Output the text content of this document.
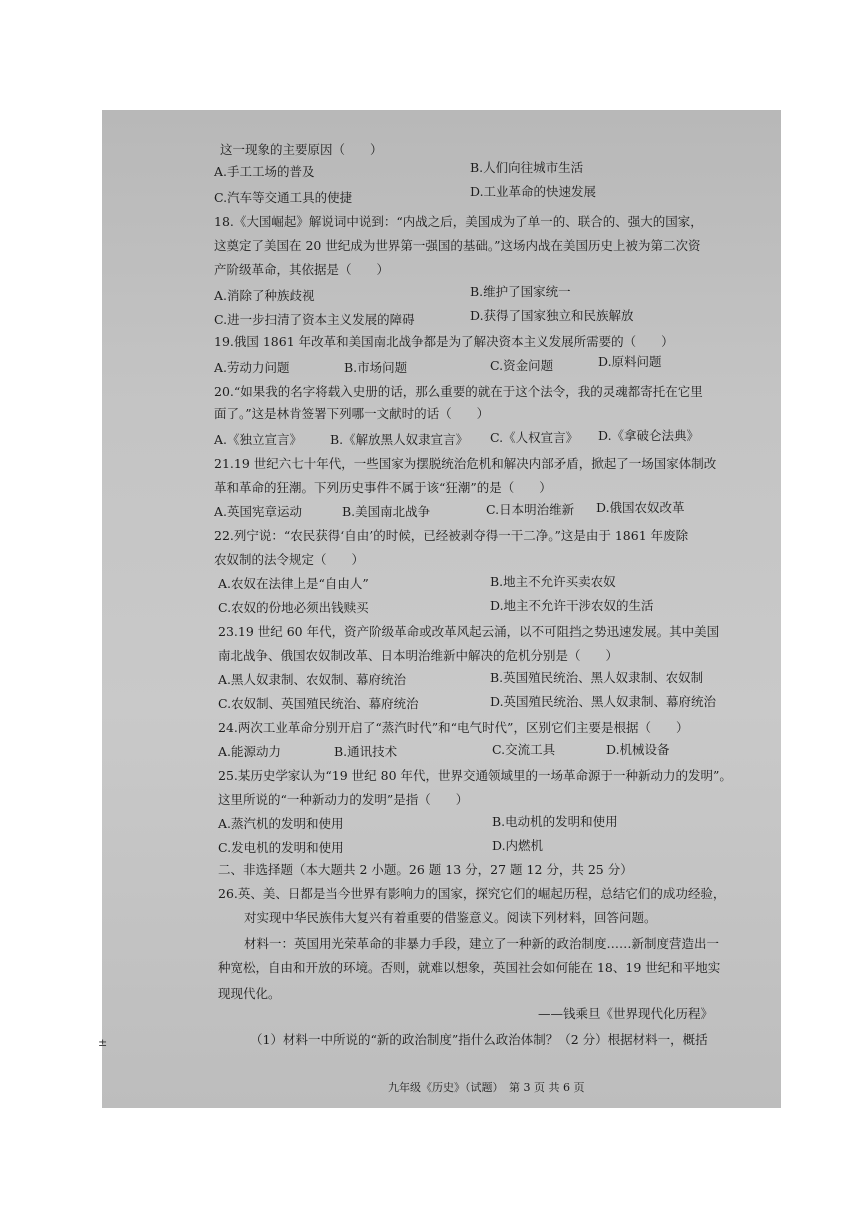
这一现象的主要原因（　　）
A.手工工场的普及	B.人们向往城市生活
C.汽车等交通工具的使捷	D.工业革命的快速发展
18.《大国崛起》解说词中说到：“内战之后，美国成为了单一的、联合的、强大的国家，
这奠定了美国在 20 世纪成为世界第一强国的基础。”这场内战在美国历史上被为第二次资
产阶级革命，其依据是（　　）
A.消除了种族歧视	B.维护了国家统一
C.进一步扫清了资本主义发展的障碍	D.获得了国家独立和民族解放
19.俄国 1861 年改革和美国南北战争都是为了解决资本主义发展所需要的（　　）
A.劳动力问题	B.市场问题	C.资金问题	D.原料问题
20.“如果我的名字将载入史册的话，那么重要的就在于这个法令，我的灵魂都寄托在它里
面了。”这是林肯签署下列哪一文献时的话（　　）
A.《独立宣言》 B.《解放黑人奴隶宣言》 C.《人权宣言》 D.《拿破仑法典》
21.19 世纪六七十年代，一些国家为摆脱统治危机和解决内部矛盾，掀起了一场国家体制改
革和革命的狂潮。下列历史事件不属于该“狂潮”的是（　　）
A.英国宪章运动	B.美国南北战争	C.日本明治维新 D.俄国农奴改革
22.列宁说：“农民获得‘自由’的时候，已经被剥夺得一干二净。”这是由于 1861 年废除
农奴制的法令规定（　　）
A.农奴在法律上是“自由人”	B.地主不允许买卖农奴
C.农奴的份地必须出钱赎买	D.地主不允许干涉农奴的生活
23.19 世纪 60 年代，资产阶级革命或改革风起云涌，以不可阻挡之势迅速发展。其中美国
南北战争、俄国农奴制改革、日本明治维新中解决的危机分别是（　　）
A.黑人奴隶制、农奴制、幕府统治	B.英国殖民统治、黑人奴隶制、农奴制
C.农奴制、英国殖民统治、幕府统治	D.英国殖民统治、黑人奴隶制、幕府统治
24.两次工业革命分别开启了“蒸汽时代”和“电气时代”，区别它们主要是根据（　　）
A.能源动力	B.通讯技术	C.交流工具	D.机械设备
25.某历史学家认为“19 世纪 80 年代，世界交通领域里的一场革命源于一种新动力的发明”。
这里所说的“一种新动力的发明”是指（　　）
A.蒸汽机的发明和使用	B.电动机的发明和使用
C.发电机的发明和使用	D.内燃机
二、非选择题（本大题共 2 小题。26 题 13 分，27 题 12 分，共 25 分）
26.英、美、日都是当今世界有影响力的国家，探究它们的崛起历程，总结它们的成功经验，
对实现中华民族伟大复兴有着重要的借鉴意义。阅读下列材料，回答问题。
材料一：英国用光荣革命的非暴力手段，建立了一种新的政治制度……新制度营造出一
种宽松，自由和开放的环境。否则，就难以想象，英国社会如何能在 18、19 世纪和平地实
现现代化。
——钱乘旦《世界现代化历程》
（1）材料一中所说的“新的政治制度”指什么政治体制？（2 分）根据材料一，概括
九年级《历史》（试题）　第 3 页 共 6 页
±
